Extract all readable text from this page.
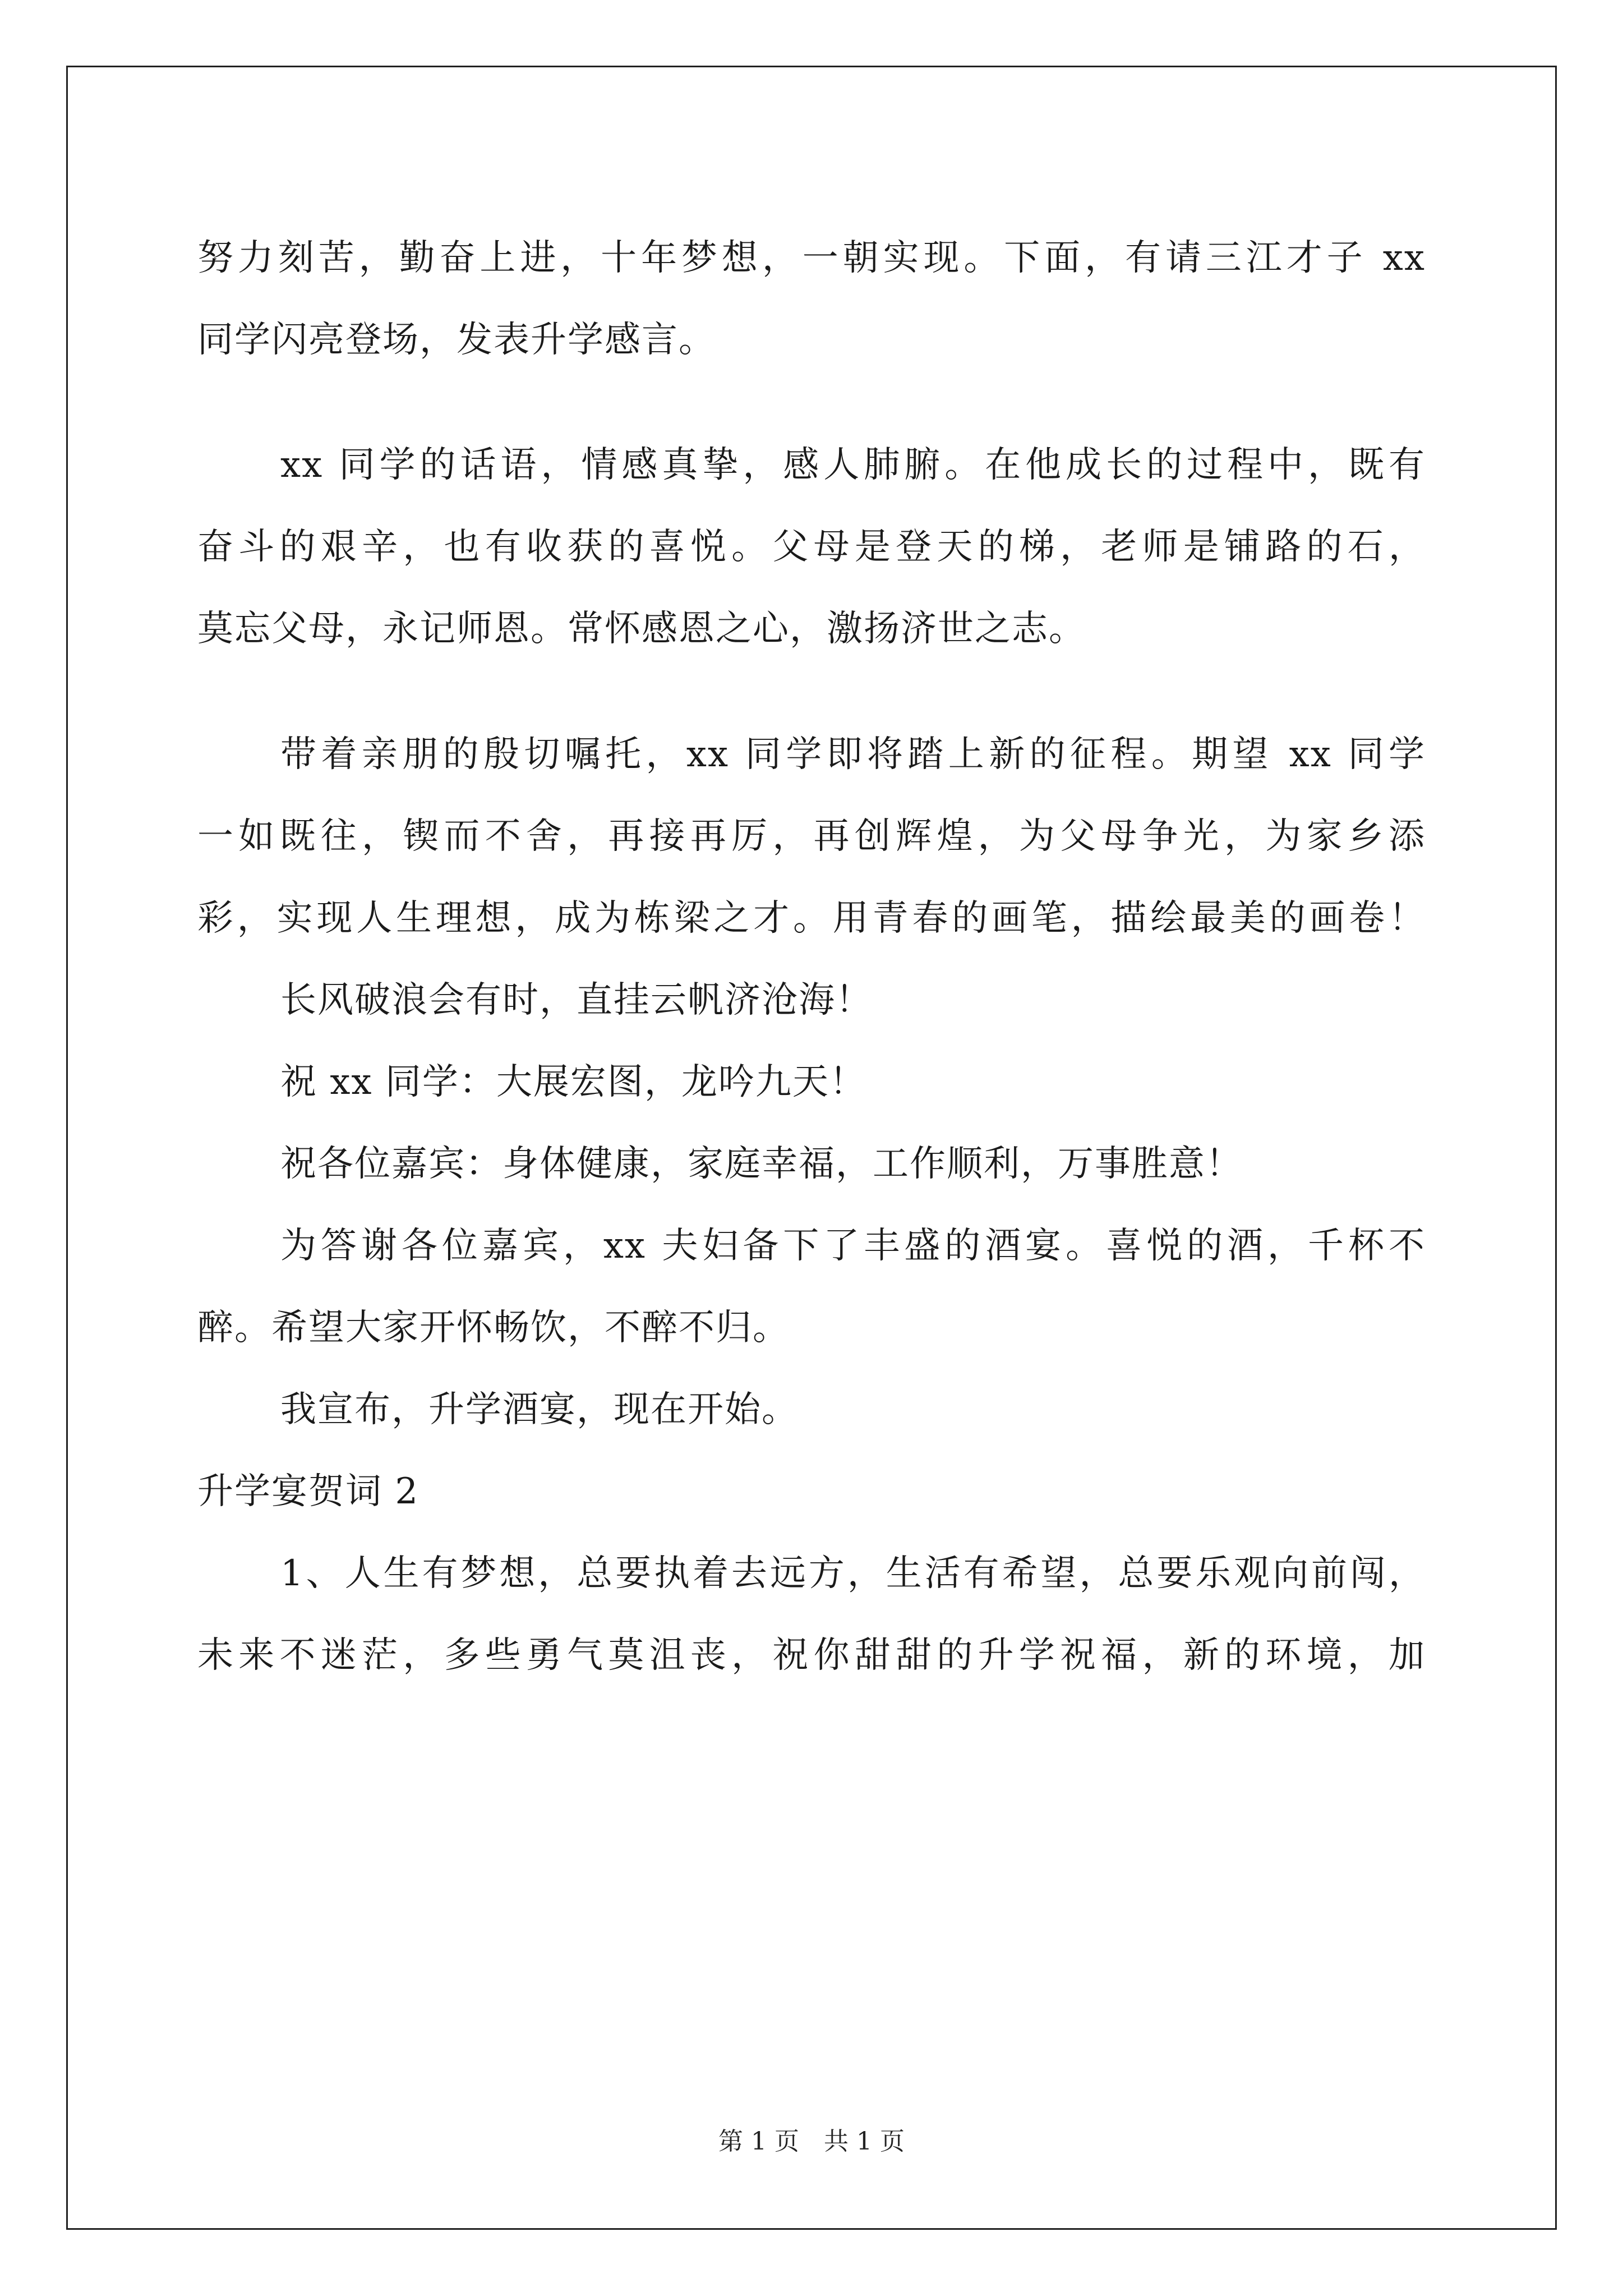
努力刻苦，勤奋上进，十年梦想，一朝实现。下面，有请三江才子 xx
同学闪亮登场，发表升学感言。
xx 同学的话语，情感真挚，感人肺腑。在他成长的过程中，既有
奋斗的艰辛，也有收获的喜悦。父母是登天的梯，老师是铺路的石，
莫忘父母，永记师恩。常怀感恩之心，激扬济世之志。
带着亲朋的殷切嘱托，xx 同学即将踏上新的征程。期望 xx 同学
一如既往，锲而不舍，再接再厉，再创辉煌，为父母争光，为家乡添
彩，实现人生理想，成为栋梁之才。用青春的画笔，描绘最美的画卷！
长风破浪会有时，直挂云帆济沧海！
祝 xx 同学：大展宏图，龙吟九天！
祝各位嘉宾：身体健康，家庭幸福，工作顺利，万事胜意！
为答谢各位嘉宾，xx 夫妇备下了丰盛的酒宴。喜悦的酒，千杯不
醉。希望大家开怀畅饮，不醉不归。
我宣布，升学酒宴，现在开始。
升学宴贺词 2
1、人生有梦想，总要执着去远方，生活有希望，总要乐观向前闯，
未来不迷茫，多些勇气莫沮丧，祝你甜甜的升学祝福，新的环境，加
第 1 页　共 1 页
